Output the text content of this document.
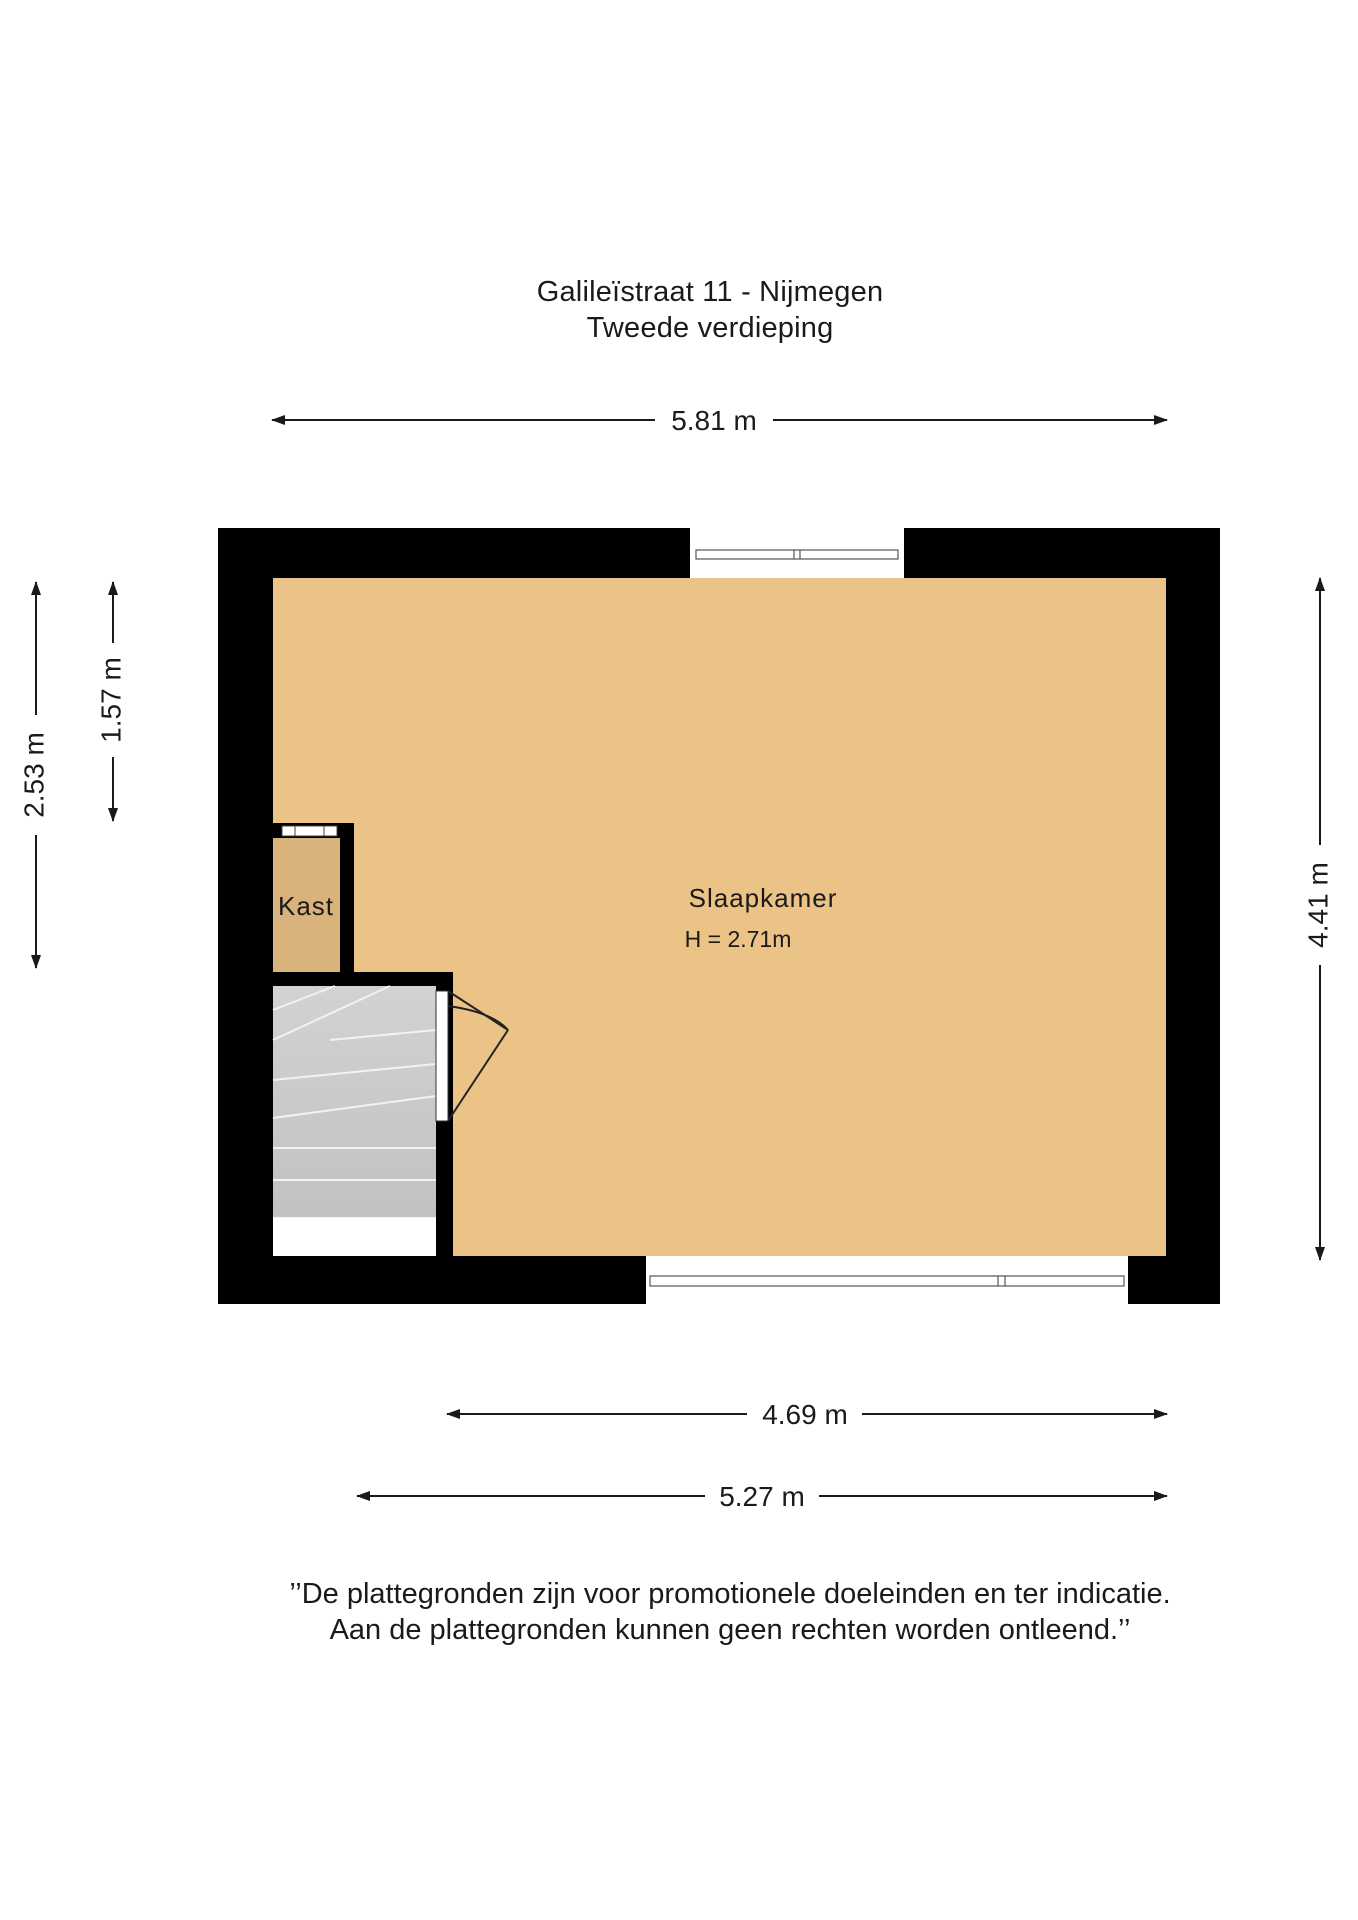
Galileïstraat 11 - Nijmegen
Tweede verdieping
5.81 m
2.53 m
1.57 m
4.41 m
Slaapkamer
H = 2.71m
Kast
4.69 m
5.27 m
’’De plattegronden zijn voor promotionele doeleinden en ter indicatie.
Aan de plattegronden kunnen geen rechten worden ontleend.’’
